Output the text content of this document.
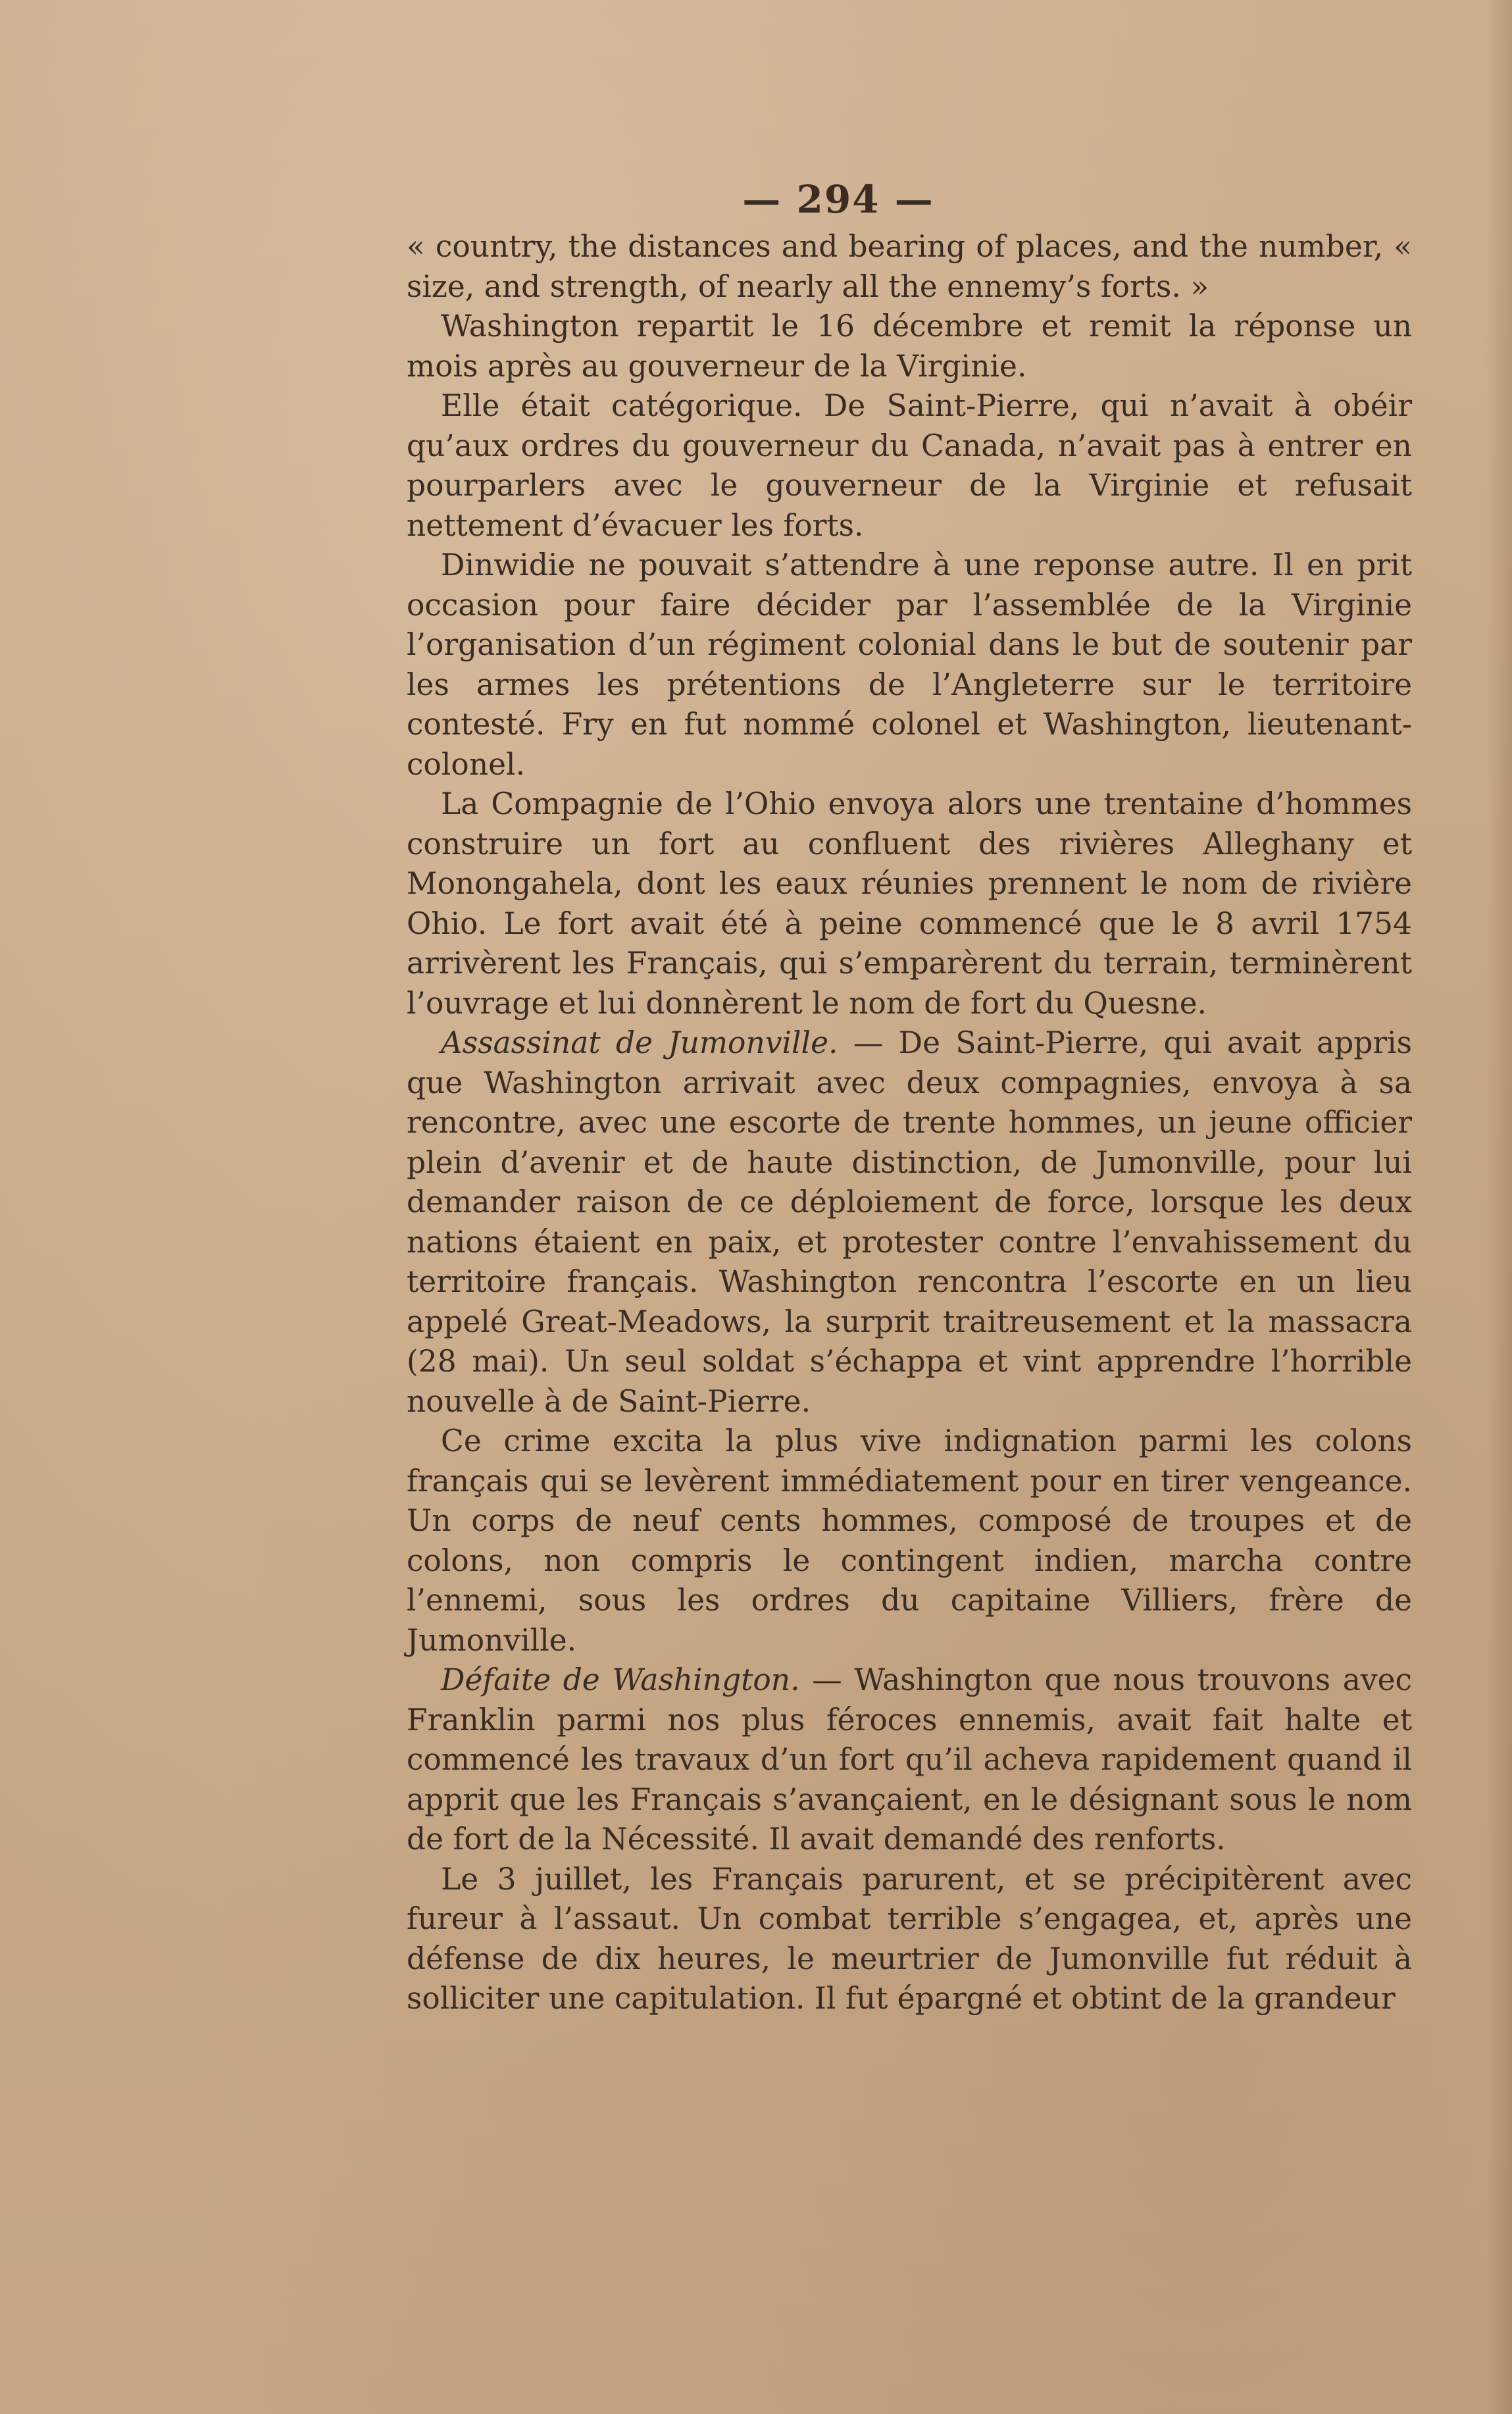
— 294 —

« country, the distances and bearing of places, and the number, « size, and strength, of nearly all the ennemy’s forts. »

Washington repartit le 16 décembre et remit la réponse un mois après au gouverneur de la Virginie.

Elle était catégorique. De Saint-Pierre, qui n’avait à obéir qu’aux ordres du gouverneur du Canada, n’avait pas à entrer en pourparlers avec le gouverneur de la Virginie et refusait nettement d’évacuer les forts.

Dinwidie ne pouvait s’attendre à une reponse autre. Il en prit occasion pour faire décider par l’assemblée de la Virginie l’organisation d’un régiment colonial dans le but de soutenir par les armes les prétentions de l’Angleterre sur le territoire contesté. Fry en fut nommé colonel et Washington, lieutenant-colonel.

La Compagnie de l’Ohio envoya alors une trentaine d’hommes construire un fort au confluent des rivières Alleghany et Monongahela, dont les eaux réunies prennent le nom de rivière Ohio. Le fort avait été à peine commencé que le 8 avril 1754 arrivèrent les Français, qui s’emparèrent du terrain, terminèrent l’ouvrage et lui donnèrent le nom de fort du Quesne.

Assassinat de Jumonville. — De Saint-Pierre, qui avait appris que Washington arrivait avec deux compagnies, envoya à sa rencontre, avec une escorte de trente hommes, un jeune officier plein d’avenir et de haute distinction, de Jumonville, pour lui demander raison de ce déploiement de force, lorsque les deux nations étaient en paix, et protester contre l’envahissement du territoire français. Washington rencontra l’escorte en un lieu appelé Great-Meadows, la surprit traitreusement et la massacra (28 mai). Un seul soldat s’échappa et vint apprendre l’horrible nouvelle à de Saint-Pierre.

Ce crime excita la plus vive indignation parmi les colons français qui se levèrent immédiatement pour en tirer vengeance. Un corps de neuf cents hommes, composé de troupes et de colons, non compris le contingent indien, marcha contre l’ennemi, sous les ordres du capitaine Villiers, frère de Jumonville.

Défaite de Washington. — Washington que nous trouvons avec Franklin parmi nos plus féroces ennemis, avait fait halte et commencé les travaux d’un fort qu’il acheva rapidement quand il apprit que les Français s’avançaient, en le désignant sous le nom de fort de la Nécessité. Il avait demandé des renforts.

Le 3 juillet, les Français parurent, et se précipitèrent avec fureur à l’assaut. Un combat terrible s’engagea, et, après une défense de dix heures, le meurtrier de Jumonville fut réduit à solliciter une capitulation. Il fut épargné et obtint de la grandeur
